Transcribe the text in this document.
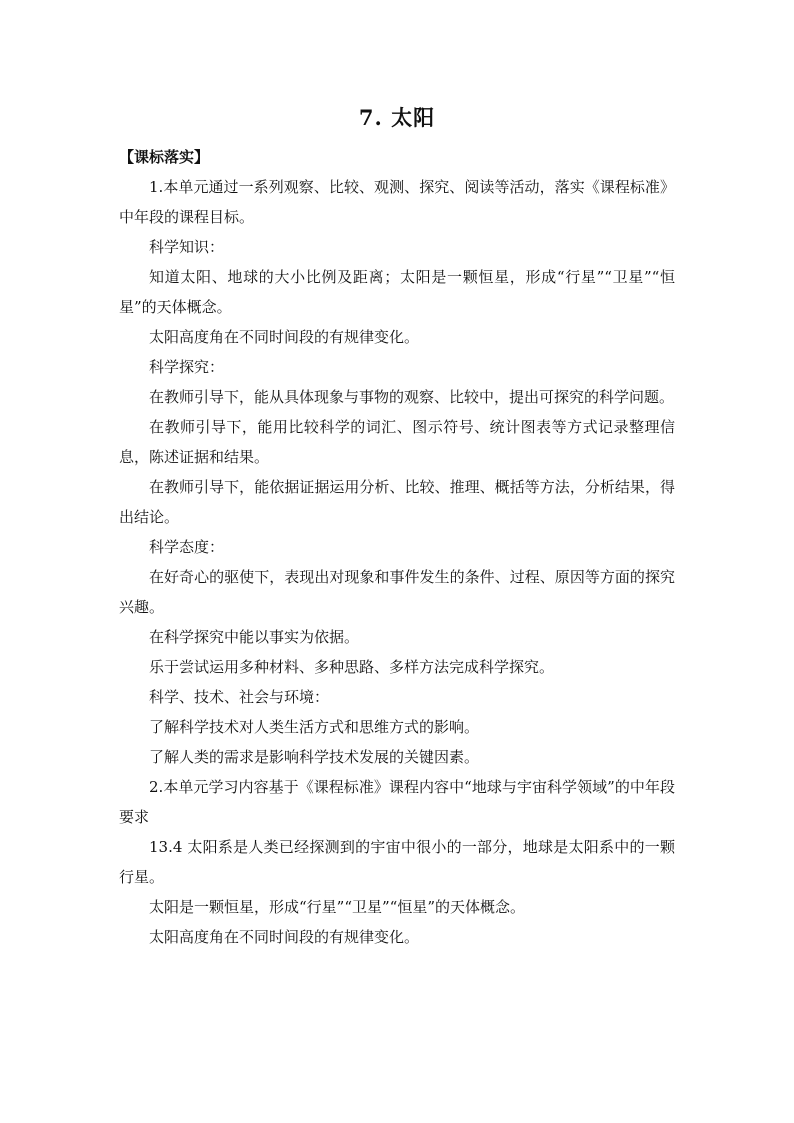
7. 太阳
【课标落实】

1.本单元通过一系列观察、比较、观测、探究、阅读等活动，落实《课程标准》中年段的课程目标。

科学知识：

知道太阳、地球的大小比例及距离；太阳是一颗恒星，形成“行星”“卫星”“恒星”的天体概念。

太阳高度角在不同时间段的有规律变化。

科学探究：

在教师引导下，能从具体现象与事物的观察、比较中，提出可探究的科学问题。

在教师引导下，能用比较科学的词汇、图示符号、统计图表等方式记录整理信息，陈述证据和结果。

在教师引导下，能依据证据运用分析、比较、推理、概括等方法，分析结果，得出结论。

科学态度：

在好奇心的驱使下，表现出对现象和事件发生的条件、过程、原因等方面的探究兴趣。

在科学探究中能以事实为依据。

乐于尝试运用多种材料、多种思路、多样方法完成科学探究。

科学、技术、社会与环境：

了解科学技术对人类生活方式和思维方式的影响。

了解人类的需求是影响科学技术发展的关键因素。

2.本单元学习内容基于《课程标准》课程内容中“地球与宇宙科学领域”的中年段要求

13.4 太阳系是人类已经探测到的宇宙中很小的一部分，地球是太阳系中的一颗行星。

太阳是一颗恒星，形成“行星”“卫星”“恒星”的天体概念。

太阳高度角在不同时间段的有规律变化。
